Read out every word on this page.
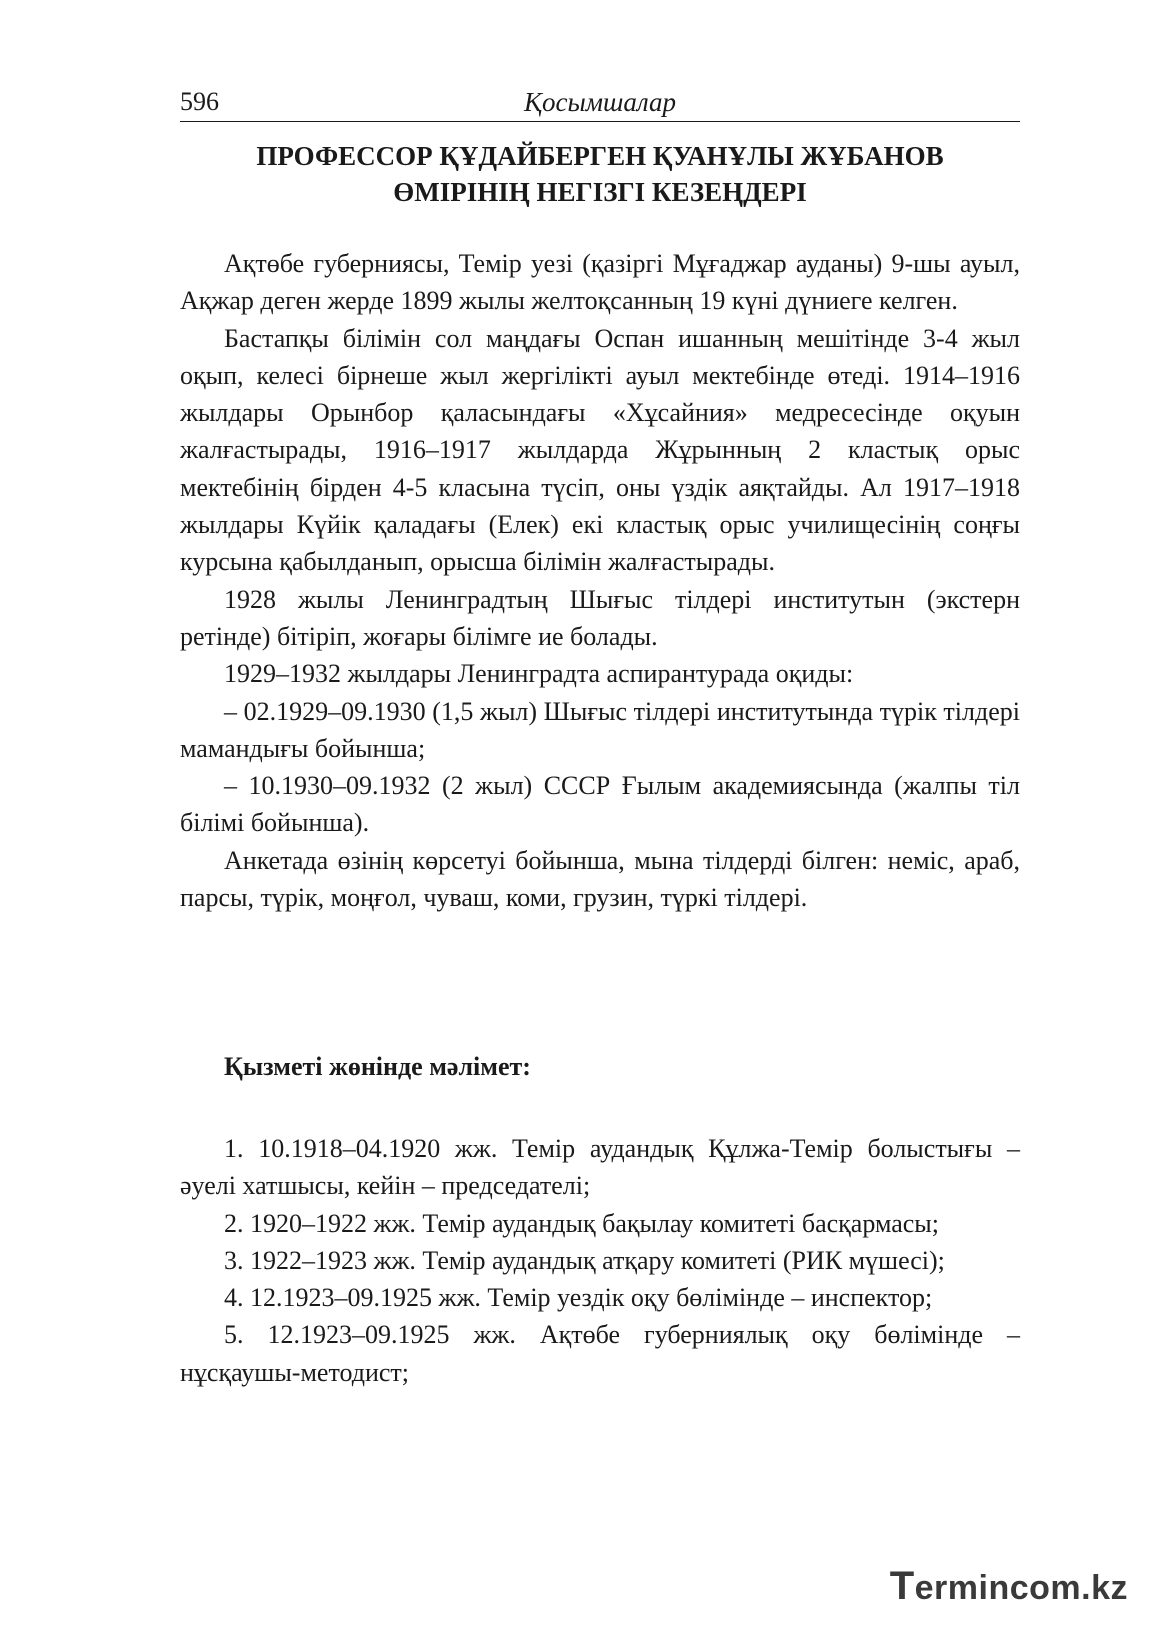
596	Қосымшалар
ПРОФЕССОР ҚҰДАЙБЕРГЕН ҚУАНҰЛЫ ЖҰБАНОВ
ӨМІРІНІҢ НЕГІЗГІ КЕЗЕҢДЕРІ

Ақтөбе губерниясы, Темір уезі (қазіргі Мұғаджар ауданы) 9-шы ауыл, Ақжар деген жерде 1899 жылы желтоқсанның 19 күні дүниеге келген.

Бастапқы білімін сол маңдағы Оспан ишанның мешітінде 3-4 жыл оқып, келесі бірнеше жыл жергілікті ауыл мектебінде өтеді. 1914–1916 жылдары Орынбор қаласындағы «Хұсайния» медресесінде оқуын жалғастырады, 1916–1917 жылдарда Жұрынның 2 кластық орыс мектебінің бірден 4-5 класына түсіп, оны үздік аяқтайды. Ал 1917–1918 жылдары Күйік қаладағы (Елек) екі кластық орыс училищесінің соңғы курсына қабылданып, орысша білімін жалғастырады.

1928 жылы Ленинградтың Шығыс тілдері институтын (экстерн ретінде) бітіріп, жоғары білімге ие болады.

1929–1932 жылдары Ленинградта аспирантурада оқиды:

– 02.1929–09.1930 (1,5 жыл) Шығыс тілдері институтында түрік тілдері мамандығы бойынша;

– 10.1930–09.1932 (2 жыл) СССР Ғылым академиясында (жалпы тіл білімі бойынша).

Анкетада өзінің көрсетуі бойынша, мына тілдерді білген: неміс, араб, парсы, түрік, моңғол, чуваш, коми, грузин, түркі тілдері.

Қызметі жөнінде мәлімет:
1. 10.1918–04.1920 жж. Темір аудандық Құлжа-Темір болыстығы – әуелі хатшысы, кейін – председателі;
2. 1920–1922 жж. Темір аудандық бақылау комитеті басқармасы;
3. 1922–1923 жж. Темір аудандық атқару комитеті (РИК мүшесі);
4. 12.1923–09.1925 жж. Темір уездік оқу бөлімінде – инспектор;
5. 12.1923–09.1925 жж. Ақтөбе губерниялық оқу бөлімінде – нұсқаушы-методист;
Termincom.kz
